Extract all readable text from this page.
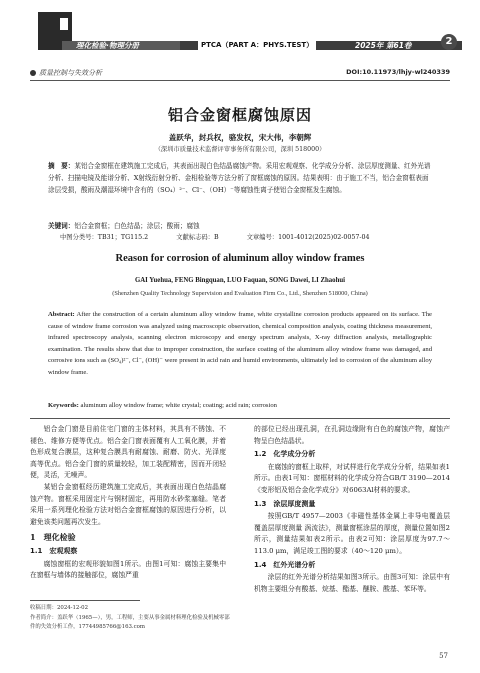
理化检验·物理分册	PTCA（PART A：PHYS.TEST）	2025年 第61卷	2
质量控制与失效分析	DOI:10.11973/lhjy-wl240339
铝合金窗框腐蚀原因
盖跃华，封兵权，骆发权，宋大伟，李朝辉
（深圳市质量技术监督评审事务所有限公司，深圳 518000）
摘　要：某铝合金窗框在建筑施工完成后，其表面出现白色结晶腐蚀产物。采用宏观观察、化学成分分析、涂层厚度测量、红外光谱分析、扫描电镜及能谱分析、X射线衍射分析、金相检验等方法分析了窗框腐蚀的原因。结果表明：由于施工不当，铝合金窗框表面涂层受损，酸雨及潮湿环境中含有的（SO₄）²⁻、Cl⁻、（OH）⁻等腐蚀性离子使铝合金窗框发生腐蚀。
关键词：铝合金窗框；白色结晶；涂层；酸雨；腐蚀
中图分类号：TB31；TG115.2	文献标志码：B	文章编号：1001-4012(2025)02-0057-04
Reason for corrosion of aluminum alloy window frames
GAI Yuehua, FENG Bingquan, LUO Faquan, SONG Dawei, LI Zhaohui
(Shenzhen Quality Technology Supervision and Evaluation Firm Co., Ltd., Shenzhen 518000, China)
Abstract: After the construction of a certain aluminum alloy window frame, white crystalline corrosion products appeared on its surface. The cause of window frame corrosion was analyzed using macroscopic observation, chemical composition analysis, coating thickness measurement, infrared spectroscopy analysis, scanning electron microscopy and energy spectrum analysis, X-ray diffraction analysis, metallographic examination. The results show that due to improper construction, the surface coating of the aluminum alloy window frame was damaged, and corrosive ions such as (SO₄)²⁻, Cl⁻, (OH)⁻ were present in acid rain and humid environments, ultimately led to corrosion of the aluminum alloy window frame.
Keywords: aluminum alloy window frame; white crystal; coating; acid rain; corrosion

铝合金门窗是目前住宅门窗的主体材料，其具有不锈蚀、不褪色、维修方便等优点。铝合金门窗表面覆有人工氧化膜，并着色形成复合膜层，这种复合膜具有耐腐蚀、耐磨、防火、光泽度高等优点。铝合金门窗的质量较轻，加工装配精密，因而开闭轻便，灵活，无噪声。

某铝合金窗框经历建筑施工完成后，其表面出现白色结晶腐蚀产物。窗框采用固定片与钢材固定，再用防水砂浆塞缝。笔者采用一系列理化检验方法对铝合金窗框腐蚀的原因进行分析，以避免该类问题再次发生。

1　理化检验
1.1　宏观观察

腐蚀窗框的宏观形貌如图1所示。由图1可知：腐蚀主要集中在窗框与墙体的接触部位，腐蚀严重

的部位已经出现孔洞，在孔洞边缘附有白色的腐蚀产物，腐蚀产物呈白色结晶状。

1.2　化学成分分析

在腐蚀的窗框上取样，对试样进行化学成分分析，结果如表1所示。由表1可知：窗框材料的化学成分符合GB/T 3190—2014《变形铝及铝合金化学成分》对6063Al材料的要求。

1.3　涂层厚度测量

按照GB/T 4957—2003《非磁性基体金属上非导电覆盖层 覆盖层厚度测量 涡流法》，测量窗框涂层的厚度，测量位置如图2所示，测量结果如表2所示。由表2可知：涂层厚度为97.7～113.0 μm，满足竣工图的要求（40～120 μm）。

1.4　红外光谱分析

涂层的红外光谱分析结果如图3所示。由图3可知：涂层中有机物主要组分有酸基、烷基、酯基、醚胺、酸基、苯环等。

收稿日期：2024-12-02
作者简介：盖跃华（1965—），男，工程师，主要从事金属材料理化检验及机械零部件的失效分析工作，17744985766@163.com
57
